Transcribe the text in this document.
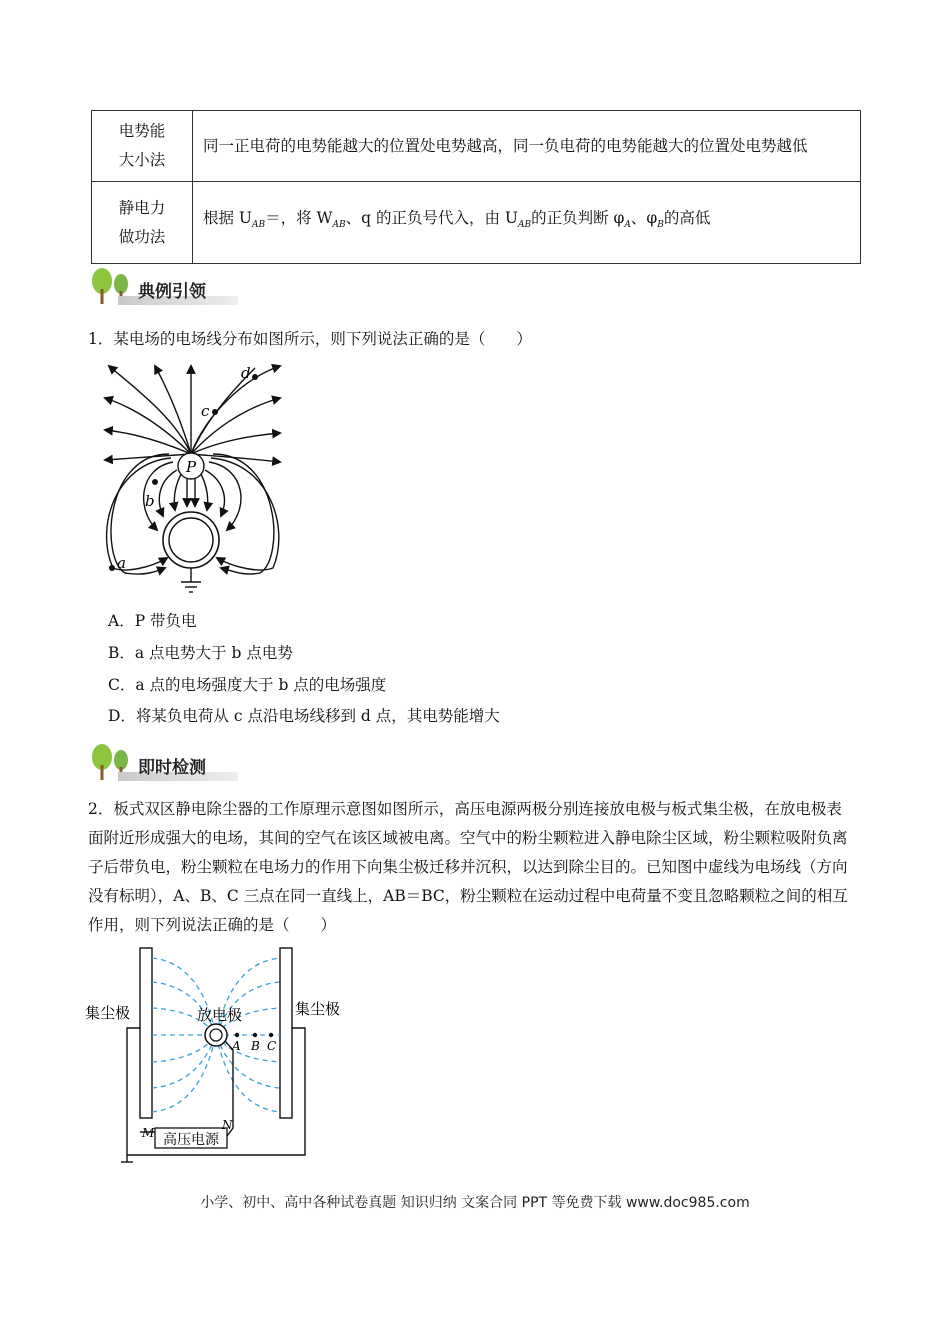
电势能
大小法	同一正电荷的电势能越大的位置处电势越高，同一负电荷的电势能越大的位置处电势越低
静电力
做功法	根据 $U_{AB}=$，将 $W_{AB}$、q 的正负号代入，由 $U_{AB}$的正负判断 $\varphi_A$、$\varphi_B$的高低
典例引领
1．某电场的电场线分布如图所示，则下列说法正确的是（　　）
P
d
c
b
a
A．P 带负电
B．a 点电势大于 b 点电势
C．a 点的电场强度大于 b 点的电场强度
D．将某负电荷从 c 点沿电场线移到 d 点，其电势能增大
即时检测
2．板式双区静电除尘器的工作原理示意图如图所示，高压电源两极分别连接放电极与板式集尘极，在放电极表面附近形成强大的电场，其间的空气在该区域被电离。空气中的粉尘颗粒进入静电除尘区域，粉尘颗粒吸附负离子后带负电，粉尘颗粒在电场力的作用下向集尘极迁移并沉积，以达到除尘目的。已知图中虚线为电场线（方向没有标明），A、B、C 三点在同一直线上，AB＝BC，粉尘颗粒在运动过程中电荷量不变且忽略颗粒之间的相互作用，则下列说法正确的是（　　）
高压电源
A B C
M
N
放电极
集尘极	集尘极
小学、初中、高中各种试卷真题 知识归纳 文案合同 PPT 等免费下载 www.doc985.com
